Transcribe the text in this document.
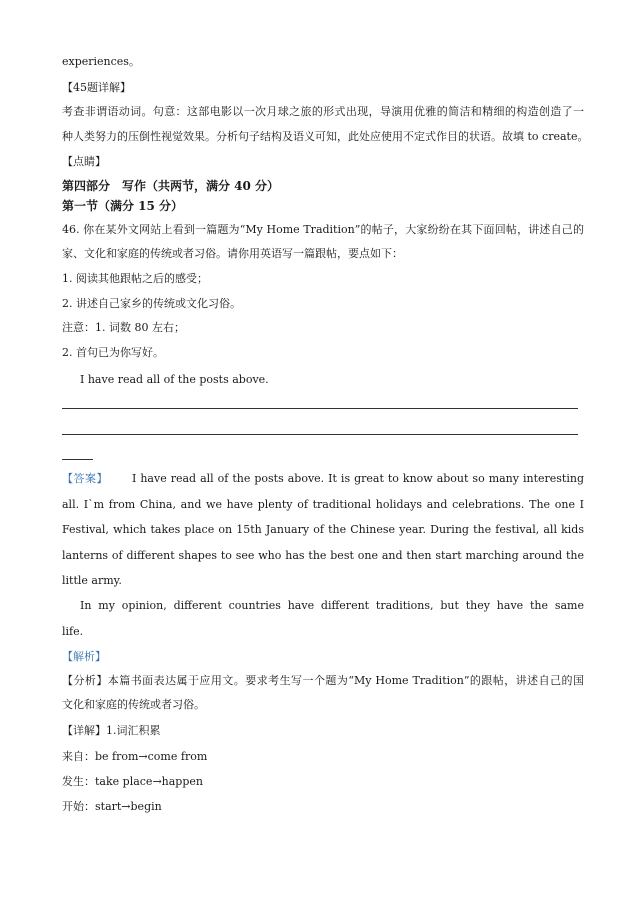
experiences。
【45题详解】
考查非谓语动词。句意：这部电影以一次月球之旅的形式出现，导演用优雅的简洁和精细的构造创造了一
种人类努力的压倒性视觉效果。分析句子结构及语义可知，此处应使用不定式作目的状语。故填 to create。
【点睛】
第四部分　写作（共两节，满分 40 分）
第一节（满分 15 分）
46. 你在某外文网站上看到一篇题为“My Home Tradition”的帖子，大家纷纷在其下面回帖，讲述自己的
家、文化和家庭的传统或者习俗。请你用英语写一篇跟帖，要点如下：
1. 阅读其他跟帖之后的感受；
2. 讲述自己家乡的传统或文化习俗。
注意：1. 词数 80 左右；
2. 首句已为你写好。
I have read all of the posts above.
【答案】 I have read all of the posts above. It is great to know about so many interesting
all. I`m from China, and we have plenty of traditional holidays and celebrations. The one I
Festival, which takes place on 15th January of the Chinese year. During the festival, all kids
lanterns of different shapes to see who has the best one and then start marching around the
little army.
In my opinion, different countries have different traditions, but they have the same
life.
【解析】
【分析】本篇书面表达属于应用文。要求考生写一个题为“My Home Tradition”的跟帖，讲述自己的国
文化和家庭的传统或者习俗。
【详解】1.词汇积累
来自：be from→come from
发生：take place→happen
开始：start→begin
